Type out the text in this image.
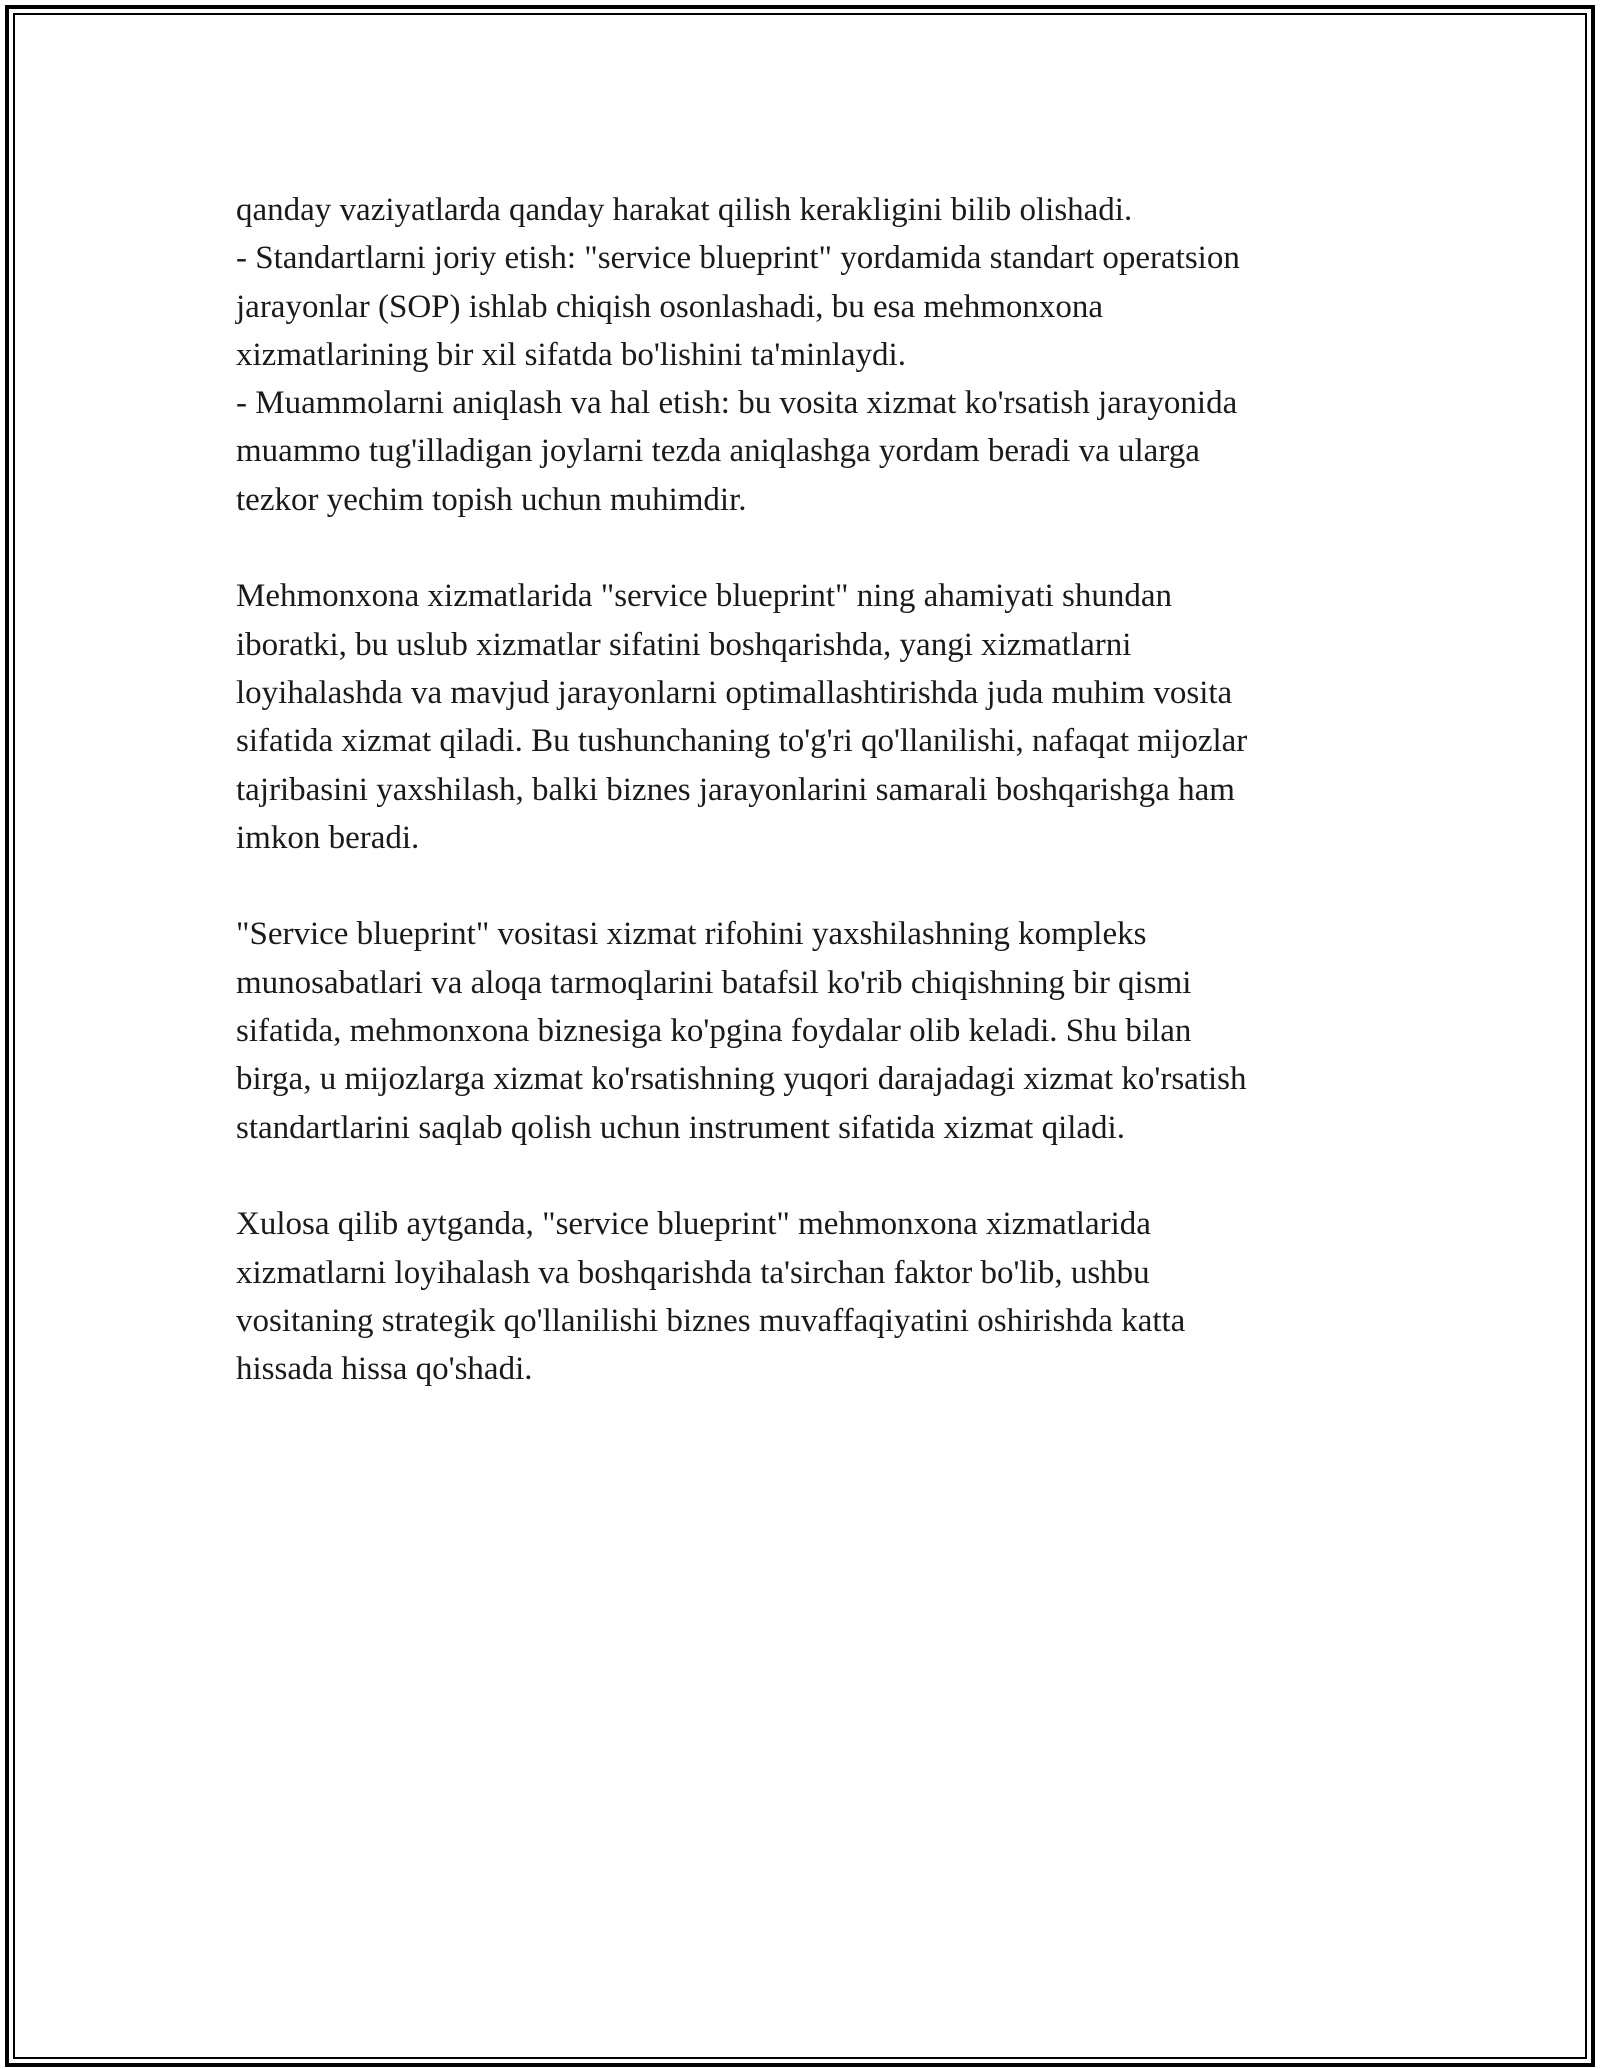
qanday vaziyatlarda qanday harakat qilish kerakligini bilib olishadi.
- Standartlarni joriy etish: "service blueprint" yordamida standart operatsion
jarayonlar (SOP) ishlab chiqish osonlashadi, bu esa mehmonxona
xizmatlarining bir xil sifatda bo'lishini ta'minlaydi.
- Muammolarni aniqlash va hal etish: bu vosita xizmat ko'rsatish jarayonida
muammo tug'illadigan joylarni tezda aniqlashga yordam beradi va ularga
tezkor yechim topish uchun muhimdir.
Mehmonxona xizmatlarida "service blueprint" ning ahamiyati shundan
iboratki, bu uslub xizmatlar sifatini boshqarishda, yangi xizmatlarni
loyihalashda va mavjud jarayonlarni optimallashtirishda juda muhim vosita
sifatida xizmat qiladi. Bu tushunchaning to'g'ri qo'llanilishi, nafaqat mijozlar
tajribasini yaxshilash, balki biznes jarayonlarini samarali boshqarishga ham
imkon beradi.
"Service blueprint" vositasi xizmat rifohini yaxshilashning kompleks
munosabatlari va aloqa tarmoqlarini batafsil ko'rib chiqishning bir qismi
sifatida, mehmonxona biznesiga ko'pgina foydalar olib keladi. Shu bilan
birga, u mijozlarga xizmat ko'rsatishning yuqori darajadagi xizmat ko'rsatish
standartlarini saqlab qolish uchun instrument sifatida xizmat qiladi.
Xulosa qilib aytganda, "service blueprint" mehmonxona xizmatlarida
xizmatlarni loyihalash va boshqarishda ta'sirchan faktor bo'lib, ushbu
vositaning strategik qo'llanilishi biznes muvaffaqiyatini oshirishda katta
hissada hissa qo'shadi.
